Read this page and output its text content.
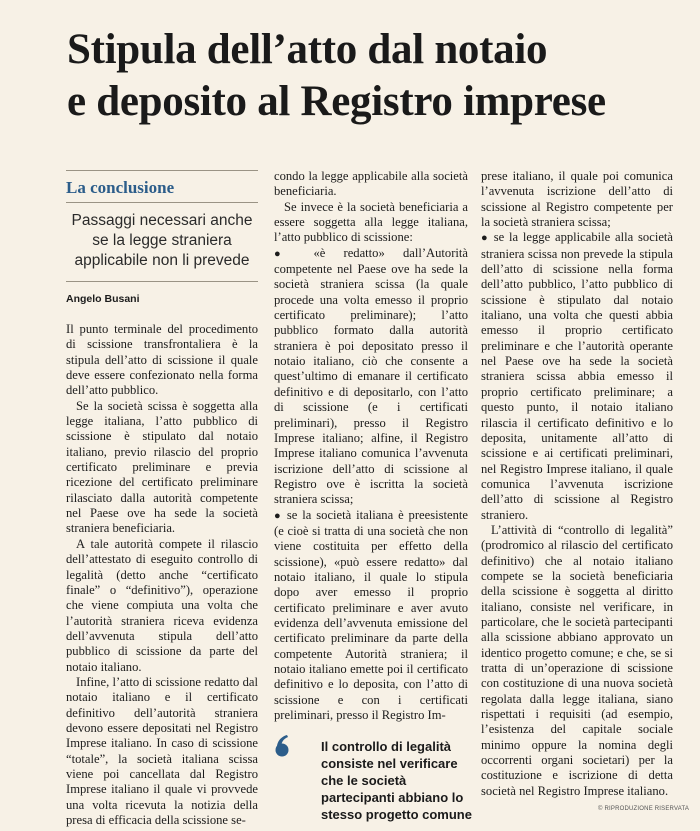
Stipula dell’atto dal notaio
e deposito al Registro imprese
La conclusione
Passaggi necessari anche se la legge straniera applicabile non li prevede
Angelo Busani

Il punto terminale del procedimento di scissione transfrontaliera è la stipula dell’atto di scissione il quale deve essere confezionato nella forma dell’atto pubblico.

Se la società scissa è soggetta alla legge italiana, l’atto pubblico di scissione è stipulato dal notaio italiano, previo rilascio del proprio certificato preliminare e previa ricezione del certificato preliminare rilasciato dalla autorità competente nel Paese ove ha sede la società straniera beneficiaria.

A tale autorità compete il rilascio dell’attestato di eseguito controllo di legalità (detto anche “certificato finale” o “definitivo”), operazione che viene compiuta una volta che l’autorità straniera riceva evidenza dell’avvenuta stipula dell’atto pubblico di scissione da parte del notaio italiano.

Infine, l’atto di scissione redatto dal notaio italiano e il certificato definitivo dell’autorità straniera devono essere depositati nel Registro Imprese italiano. In caso di scissione “totale”, la società italiana scissa viene poi cancellata dal Registro Imprese italiano il quale vi provvede una volta ricevuta la notizia della presa di efficacia della scissione se-

condo la legge applicabile alla società beneficiaria.

Se invece è la società beneficiaria a essere soggetta alla legge italiana, l’atto pubblico di scissione:

● «è redatto» dall’Autorità competente nel Paese ove ha sede la società straniera scissa (la quale procede una volta emesso il proprio certificato preliminare); l’atto pubblico formato dalla autorità straniera è poi depositato presso il notaio italiano, ciò che consente a quest’ultimo di emanare il certificato definitivo e di depositarlo, con l’atto di scissione (e i certificati preliminari), presso il Registro Imprese italiano; alfine, il Registro Imprese italiano comunica l’avvenuta iscrizione dell’atto di scissione al Registro ove è iscritta la società straniera scissa;

● se la società italiana è preesistente (e cioè si tratta di una società che non viene costituita per effetto della scissione), «può essere redatto» dal notaio italiano, il quale lo stipula dopo aver emesso il proprio certificato preliminare e aver avuto evidenza dell’avvenuta emissione del certificato preliminare da parte della competente Autorità straniera; il notaio italiano emette poi il certificato definitivo e lo deposita, con l’atto di scissione e con i certificati preliminari, presso il Registro Im-

prese italiano, il quale poi comunica l’avvenuta iscrizione dell’atto di scissione al Registro competente per la società straniera scissa;

● se la legge applicabile alla società straniera scissa non prevede la stipula dell’atto di scissione nella forma dell’atto pubblico, l’atto pubblico di scissione è stipulato dal notaio italiano, una volta che questi abbia emesso il proprio certificato preliminare e che l’autorità operante nel Paese ove ha sede la società straniera scissa abbia emesso il proprio certificato preliminare; a questo punto, il notaio italiano rilascia il certificato definitivo e lo deposita, unitamente all’atto di scissione e ai certificati preliminari, nel Registro Imprese italiano, il quale comunica l’avvenuta iscrizione dell’atto di scissione al Registro straniero.

L’attività di “controllo di legalità” (prodromico al rilascio del certificato definitivo) che al notaio italiano compete se la società beneficiaria della scissione è soggetta al diritto italiano, consiste nel verificare, in particolare, che le società partecipanti alla scissione abbiano approvato un identico progetto comune; e che, se si tratta di un’operazione di scissione con costituzione di una nuova società regolata dalla legge italiana, siano rispettati i requisiti (ad esempio, l’esistenza del capitale sociale minimo oppure la nomina degli occorrenti organi societari) per la costituzione e iscrizione di detta società nel Registro Imprese italiano.

Il controllo di legalità consiste nel verificare che le società partecipanti abbiano lo stesso progetto comune	© RIPRODUZIONE RISERVATA
